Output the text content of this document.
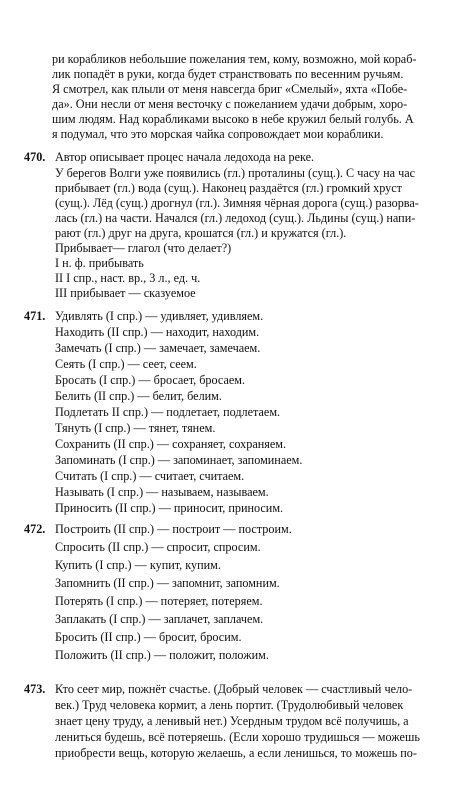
ри корабликов небольшие пожелания тем, кому, возможно, мой кораб-
лик попадёт в руки, когда будет странствовать по весенним ручьям.
Я смотрел, как плыли от меня навсегда бриг «Смелый», яхта «Побе-
да». Они несли от меня весточку с пожеланием удачи добрым, хоро-
шим людям. Над корабликами высоко в небе кружил белый голубь. А
я подумал, что это морская чайка сопровождает мои кораблики.
470. Автор описывает процес начала ледохода на реке.
У берегов Волги уже появились (гл.) проталины (сущ.). С часу на час
прибывает (гл.) вода (сущ.). Наконец раздаётся (гл.) громкий хруст
(сущ.). Лёд (сущ.) дрогнул (гл.). Зимняя чёрная дорога (сущ.) разорва-
лась (гл.) на части. Начался (гл.) ледоход (сущ.). Льдины (сущ.) напи-
рают (гл.) друг на друга, крошатся (гл.) и кружатся (гл.).
Прибывает— глагол (что делает?)
I н. ф. прибывать
II I спр., наст. вр., 3 л., ед. ч.
III прибывает — сказуемое
471. Удивлять (I спр.) — удивляет, удивляем.
Находить (II спр.) — находит, находим.
Замечать (I спр.) — замечает, замечаем.
Сеять (I спр.) — сеет, сеем.
Бросать (I спр.) — бросает, бросаем.
Белить (II спр.) — белит, белим.
Подлетать II спр.) — подлетает, подлетаем.
Тянуть (I спр.) — тянет, тянем.
Сохранить (II спр.) — сохраняет, сохраняем.
Запоминать (I спр.) — запоминает, запоминаем.
Считать (I спр.) — считает, считаем.
Называть (I спр.) — называем, называем.
Приносить (II спр.) — приносит, приносим.
472. Построить (II спр.) — построит — построим.
Спросить (II спр.) — спросит, спросим.
Купить (I спр.) — купит, купим.
Запомнить (II спр.) — запомнит, запомним.
Потерять (I спр.) — потеряет, потеряем.
Заплакать (I спр.) — заплачет, заплачем.
Бросить (II спр.) — бросит, бросим.
Положить (II спр.) — положит, положим.
473. Кто сеет мир, пожнёт счастье. (Добрый человек — счастливый чело-
век.) Труд человека кормит, а лень портит. (Трудолюбивый человек
знает цену труду, а ленивый нет.) Усердным трудом всё получишь, а
лениться будешь, всё потеряешь. (Если хорошо трудишься — можешь
приобрести вещь, которую желаешь, а если ленишься, то можешь по-
